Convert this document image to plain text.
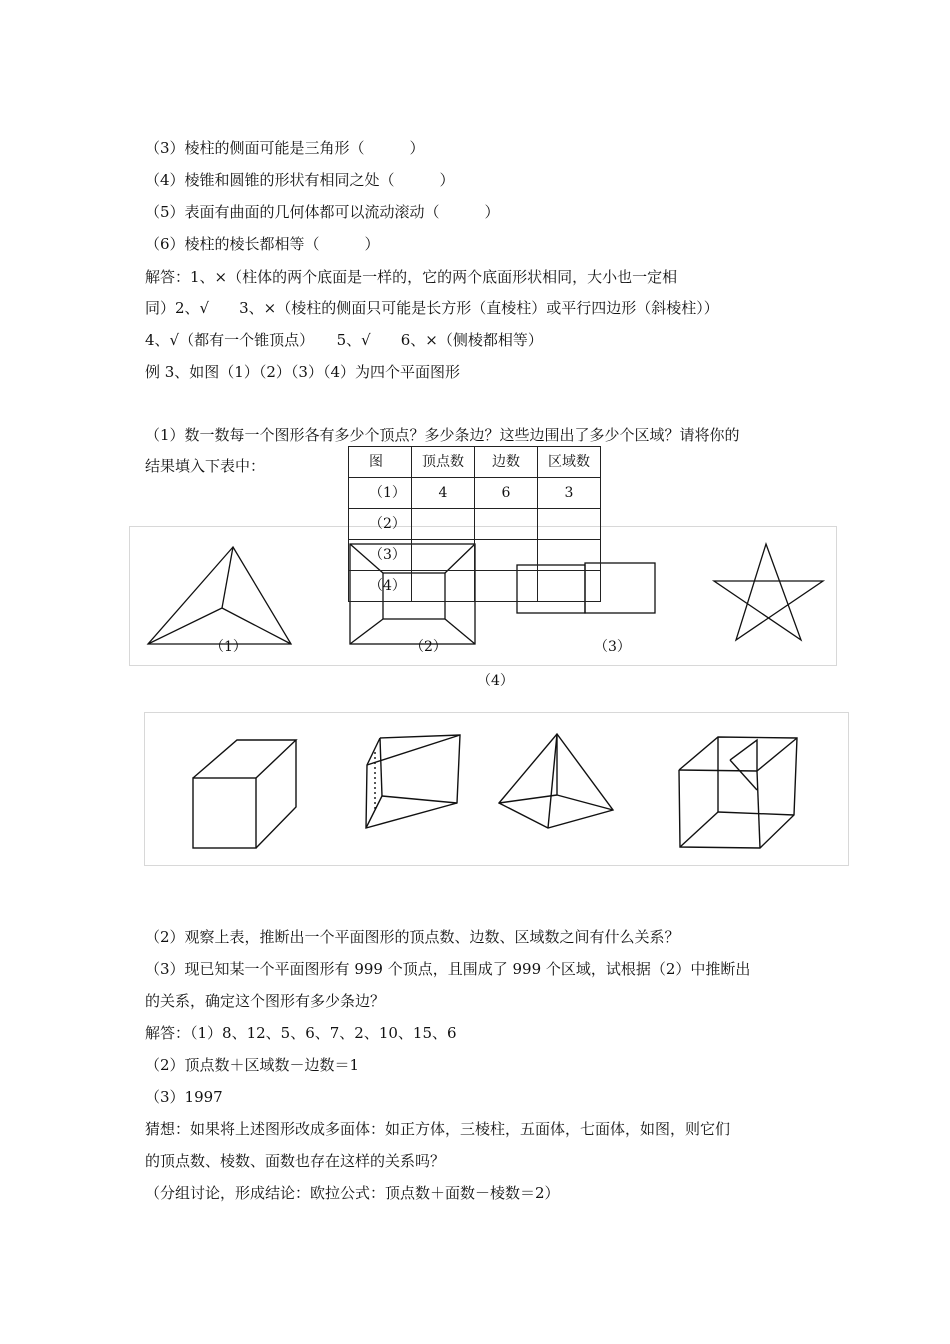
（3）棱柱的侧面可能是三角形（　　　）
（4）棱锥和圆锥的形状有相同之处（　　　）
（5）表面有曲面的几何体都可以流动滚动（　　　）
（6）棱柱的棱长都相等（　　　）
解答：1、×（柱体的两个底面是一样的，它的两个底面形状相同，大小也一定相
同）2、√　　3、×（棱柱的侧面只可能是长方形（直棱柱）或平行四边形（斜棱柱））
4、√（都有一个锥顶点）　　5、√　　6、×（侧棱都相等）
例 3、如图（1）（2）（3）（4）为四个平面图形
（1）数一数每一个图形各有多少个顶点？多少条边？这些边围出了多少个区域？请将你的
结果填入下表中：	图	顶点数	边数	区域数
（1）	4	6	3
（2）			
（3）			
（4）			
（1）	（2）	（3）
（4）
（2）观察上表，推断出一个平面图形的顶点数、边数、区域数之间有什么关系？
（3）现已知某一个平面图形有 999 个顶点，且围成了 999 个区域，试根据（2）中推断出
的关系，确定这个图形有多少条边？
解答：（1）8、12、5、6、7、2、10、15、6
（2）顶点数＋区域数－边数＝1
（3）1997
猜想：如果将上述图形改成多面体：如正方体，三棱柱，五面体，七面体，如图，则它们
的顶点数、棱数、面数也存在这样的关系吗？
（分组讨论，形成结论：欧拉公式：顶点数＋面数－棱数＝2）
